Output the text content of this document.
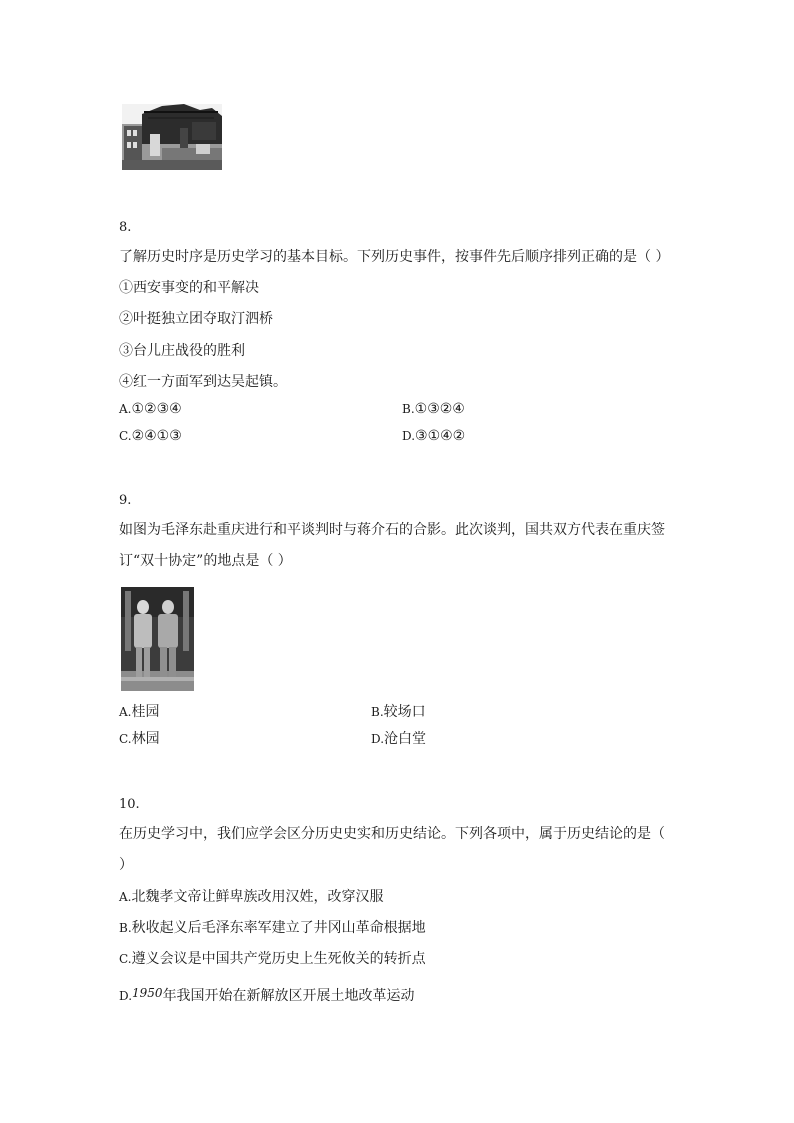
8.
了解历史时序是历史学习的基本目标。下列历史事件，按事件先后顺序排列正确的是（ ）
①西安事变的和平解决
②叶挺独立团夺取汀泗桥
③台儿庄战役的胜利
④红一方面军到达吴起镇。
A.①②③④	B.①③②④
C.②④①③	D.③①④②
9.
如图为毛泽东赴重庆进行和平谈判时与蒋介石的合影。此次谈判，国共双方代表在重庆签
订“双十协定”的地点是（ ）
A.桂园	B.较场口
C.林园	D.沧白堂
10.
在历史学习中，我们应学会区分历史史实和历史结论。下列各项中，属于历史结论的是（
）
A.北魏孝文帝让鲜卑族改用汉姓，改穿汉服
B.秋收起义后毛泽东率军建立了井冈山革命根据地
C.遵义会议是中国共产党历史上生死攸关的转折点
D.1950年我国开始在新解放区开展土地改革运动
